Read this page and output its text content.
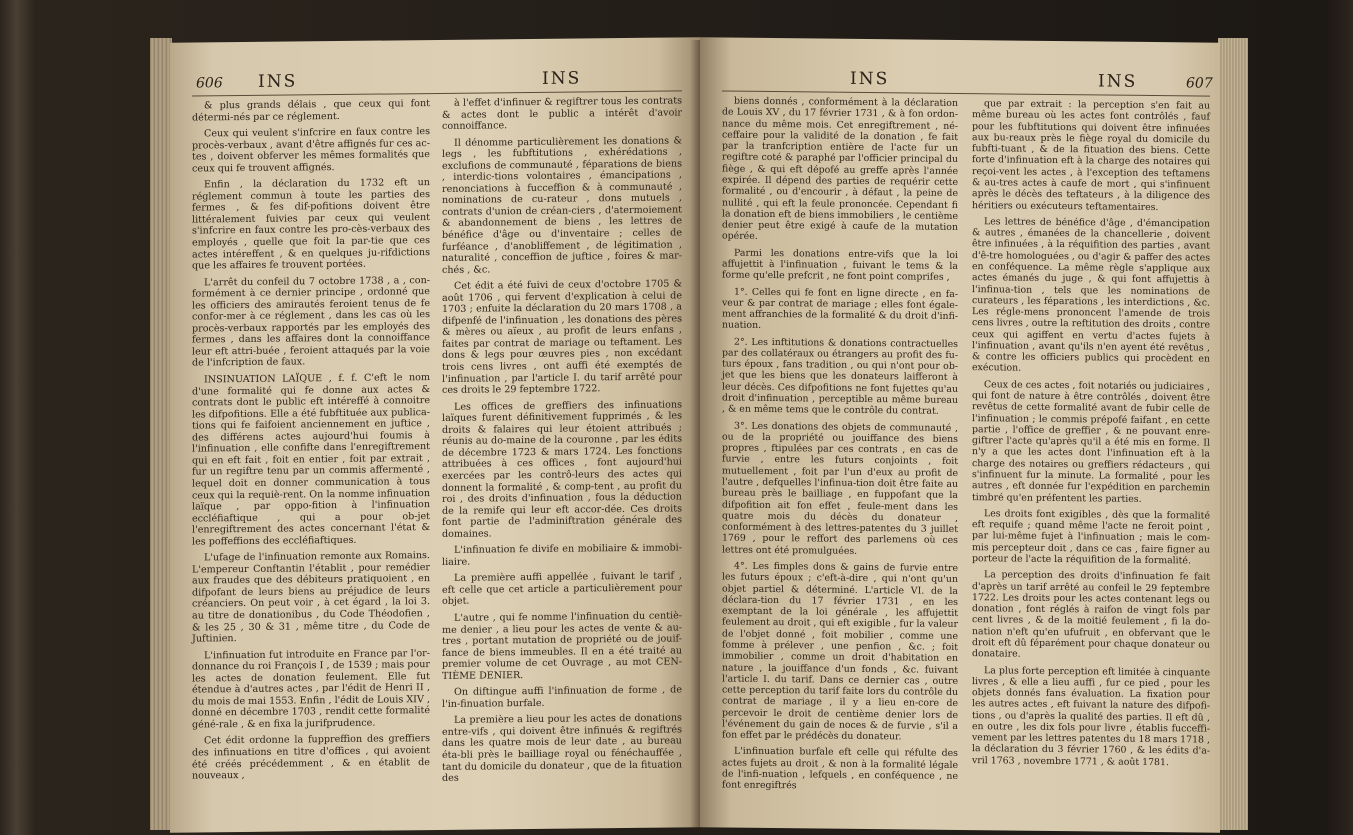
606 INS	INS

& plus grands délais , que ceux qui font détermi-nés par ce réglement.

Ceux qui veulent s'infcrire en faux contre les procès-verbaux , avant d'être affignés fur ces ac-tes , doivent obferver les mêmes formalités que ceux qui fe trouvent affignés.

Enfin , la déclaration du 1732 eft un réglement commun à toute les parties des fermes , & fes dif-pofitions doivent être littéralement fuivies par ceux qui veulent s'infcrire en faux contre les pro-cès-verbaux des employés , quelle que foit la par-tie que ces actes intéreffent , & en quelques ju-rifdictions que les affaires fe trouvent portées.

L'arrêt du confeil du 7 octobre 1738 , a , con-formément à ce dernier principe , ordonné que les officiers des amirautés feroient tenus de fe confor-mer à ce réglement , dans les cas où les procès-verbaux rapportés par les employés des fermes , dans les affaires dont la connoiffance leur eft attri-buée , feroient attaqués par la voie de l'infcription de faux.

INSINUATION LAÏQUE , f. f. C'eft le nom d'une formalité qui fe donne aux actes & contrats dont le public eft intéreffé à connoitre les difpofitions. Elle a été fubftituée aux publica-tions qui fe faifoient anciennement en juftice , des différens actes aujourd'hui foumis à l'infinuation , elle confifte dans l'enregiftrement qui en eft fait , foit en entier , foit par extrait , fur un regiftre tenu par un commis affermenté , lequel doit en donner communication à tous ceux qui la requiè-rent. On la nomme infinuation laïque , par oppo-fition à l'infinuation eccléfiaftique , qui a pour ob-jet l'enregiftrement des actes concernant l'état & les poffeffions des eccléfiaftiques.

L'ufage de l'infinuation remonte aux Romains. L'empereur Conftantin l'établit , pour remédier aux fraudes que des débiteurs pratiquoient , en difpofant de leurs biens au préjudice de leurs créanciers. On peut voir , à cet égard , la loi 3. au titre de donationibus , du Code Théodofien , & les 25 , 30 & 31 , même titre , du Code de Juftinien.

L'infinuation fut introduite en France par l'or-donnance du roi François I , de 1539 ; mais pour les actes de donation feulement. Elle fut étendue à d'autres actes , par l'édit de Henri II , du mois de mai 1553. Enfin , l'édit de Louis XIV , donné en décembre 1703 , rendit cette formalité géné-rale , & en fixa la jurifprudence.

Cet édit ordonne la fuppreffion des greffiers des infinuations en titre d'offices , qui avoient été créés précédemment , & en établit de nouveaux ,

à l'effet d'infinuer & regiftrer tous les contrats & actes dont le public a intérêt d'avoir connoiffance.

Il dénomme particulièrement les donations & legs , les fubftitutions , exhérédations , exclufions de communauté , féparations de biens , interdic-tions volontaires , émancipations , renonciations à fucceffion & à communauté , nominations de cu-rateur , dons mutuels , contrats d'union de créan-ciers , d'atermoiement & abandonnement de biens , les lettres de bénéfice d'âge ou d'inventaire ; celles de furféance , d'anobliffement , de légitimation , naturalité , conceffion de juftice , foires & mar-chés , &c.

Cet édit a été fuivi de ceux d'octobre 1705 & août 1706 , qui fervent d'explication à celui de 1703 ; enfuite la déclaration du 20 mars 1708 , a difpenfé de l'infinuation , les donations des pères & mères ou aïeux , au profit de leurs enfans , faites par contrat de mariage ou teftament. Les dons & legs pour œuvres pies , non excédant trois cens livres , ont auffi été exemptés de l'infinuation , par l'article I. du tarif arrêté pour ces droits le 29 feptembre 1722.

Les offices de greffiers des infinuations laïques furent définitivement fupprimés , & les droits & falaires qui leur étoient attribués ; réunis au do-maine de la couronne , par les édits de décembre 1723 & mars 1724. Les fonctions attribuées à ces offices , font aujourd'hui exercées par les contrô-leurs des actes qui donnent la formalité , & comp-tent , au profit du roi , des droits d'infinuation , fous la déduction de la remife qui leur eft accor-dée. Ces droits font partie de l'adminiftration générale des domaines.

L'infinuation fe divife en mobiliaire & immobi-liaire.

La première auffi appellée , fuivant le tarif , eft celle que cet article a particulièrement pour objet.

L'autre , qui fe nomme l'infinuation du centiè-me denier , a lieu pour les actes de vente & au-tres , portant mutation de propriété ou de jouif-fance de biens immeubles. Il en a été traité au premier volume de cet Ouvrage , au mot CEN-TIÈME DENIER.

On diftingue auffi l'infinuation de forme , de l'in-finuation burfale.

La première a lieu pour les actes de donations entre-vifs , qui doivent être infinués & regiftrés dans les quatre mois de leur date , au bureau éta-bli près le bailliage royal ou fénéchauffée , tant du domicile du donateur , que de la fituation des

INS	INS	607

biens donnés , conformément à la déclaration de Louis XV , du 17 février 1731 , & à fon ordon-nance du même mois. Cet enregiftrement , né-ceffaire pour la validité de la donation , fe fait par la tranfcription entière de l'acte fur un regiftre coté & paraphé par l'officier principal du fiège , & qui eft dépofé au greffe après l'année expirée. Il dépend des parties de requérir cette formalité , ou d'encourir , à défaut , la peine de nullité , qui eft la feule prononcée. Cependant fi la donation eft de biens immobiliers , le centième denier peut être exigé à caufe de la mutation opérée.

Parmi les donations entre-vifs que la loi affujettit à l'infinuation , fuivant le tems & la forme qu'elle prefcrit , ne font point comprifes ,

1°. Celles qui fe font en ligne directe , en fa-veur & par contrat de mariage ; elles font égale-ment affranchies de la formalité & du droit d'infi-nuation.

2°. Les inftitutions & donations contractuelles par des collatéraux ou étrangers au profit des fu-turs époux , fans tradition , ou qui n'ont pour ob-jet que les biens que les donateurs laifferont à leur décès. Ces difpofitions ne font fujettes qu'au droit d'infinuation , perceptible au même bureau , & en même tems que le contrôle du contrat.

3°. Les donations des objets de communauté , ou de la propriété ou jouiffance des biens propres , ftipulées par ces contrats , en cas de furvie , entre les futurs conjoints , foit mutuellement , foit par l'un d'eux au profit de l'autre , defquelles l'infinua-tion doit être faite au bureau près le bailliage , en fuppofant que la difpofition ait fon effet , feule-ment dans les quatre mois du décès du donateur , conformément à des lettres-patentes du 3 juillet 1769 , pour le reffort des parlemens où ces lettres ont été promulguées.

4°. Les fimples dons & gains de furvie entre les futurs époux ; c'eft-à-dire , qui n'ont qu'un objet partiel & déterminé. L'article VI. de la déclara-tion du 17 février 1731 , en les exemptant de la loi générale , les affujettit feulement au droit , qui eft exigible , fur la valeur de l'objet donné , foit mobilier , comme une fomme à prélever , une penfion , &c. ; foit immobilier , comme un droit d'habitation en nature , la jouiffance d'un fonds , &c. fuivant l'article I. du tarif. Dans ce dernier cas , outre cette perception du tarif faite lors du contrôle du contrat de mariage , il y a lieu en-core de percevoir le droit de centième denier lors de l'événement du gain de noces & de furvie , s'il a fon effet par le prédécès du donateur.

L'infinuation burfale eft celle qui réfulte des actes fujets au droit , & non à la formalité légale de l'infi-nuation , lefquels , en conféquence , ne font enregiftrés

que par extrait : la perception s'en fait au même bureau où les actes font contrôlés , fauf pour les fubftitutions qui doivent être infinuées aux bu-reaux près le fiège royal du domicile du fubfti-tuant , & de la fituation des biens. Cette forte d'infinuation eft à la charge des notaires qui reçoi-vent les actes , à l'exception des teftamens & au-tres actes à caufe de mort , qui s'infinuent après le décès des teftateurs , à la diligence des héritiers ou exécuteurs teftamentaires.

Les lettres de bénéfice d'âge , d'émancipation & autres , émanées de la chancellerie , doivent être infinuées , à la réquifition des parties , avant d'ê-tre homologuées , ou d'agir & paffer des actes en conféquence. La même règle s'applique aux actes émanés du juge , & qui font affujettis à l'infinua-tion , tels que les nominations de curateurs , les féparations , les interdictions , &c. Les régle-mens prononcent l'amende de trois cens livres , outre la reftitution des droits , contre ceux qui agiffent en vertu d'actes fujets à l'infinuation , avant qu'ils n'en ayent été revêtus , & contre les officiers publics qui procèdent en exécution.

Ceux de ces actes , foit notariés ou judiciaires , qui font de nature à être contrôlés , doivent être revêtus de cette formalité avant de fubir celle de l'infinuation ; le commis prépofé faifant , en cette partie , l'office de greffier , & ne pouvant enre-giftrer l'acte qu'après qu'il a été mis en forme. Il n'y a que les actes dont l'infinuation eft à la charge des notaires ou greffiers rédacteurs , qui s'infinuent fur la minute. La formalité , pour les autres , eft donnée fur l'expédition en parchemin timbré qu'en préfentent les parties.

Les droits font exigibles , dès que la formalité eft requife ; quand même l'acte ne feroit point , par lui-même fujet à l'infinuation ; mais le com-mis percepteur doit , dans ce cas , faire figner au porteur de l'acte la réquifition de la formalité.

La perception des droits d'infinuation fe fait d'après un tarif arrêté au confeil le 29 feptembre 1722. Les droits pour les actes contenant legs ou donation , font réglés à raifon de vingt fols par cent livres , & de la moitié feulement , fi la do-nation n'eft qu'en ufufruit , en obfervant que le droit eft dû féparément pour chaque donateur ou donataire.

La plus forte perception eft limitée à cinquante livres , & elle a lieu auffi , fur ce pied , pour les objets donnés fans évaluation. La fixation pour les autres actes , eft fuivant la nature des difpofi-tions , ou d'après la qualité des parties. Il eft dû , en outre , les dix fols pour livre , établis fucceffi-vement par les lettres patentes du 18 mars 1718 , la déclaration du 3 février 1760 , & les édits d'a-vril 1763 , novembre 1771 , & août 1781.
